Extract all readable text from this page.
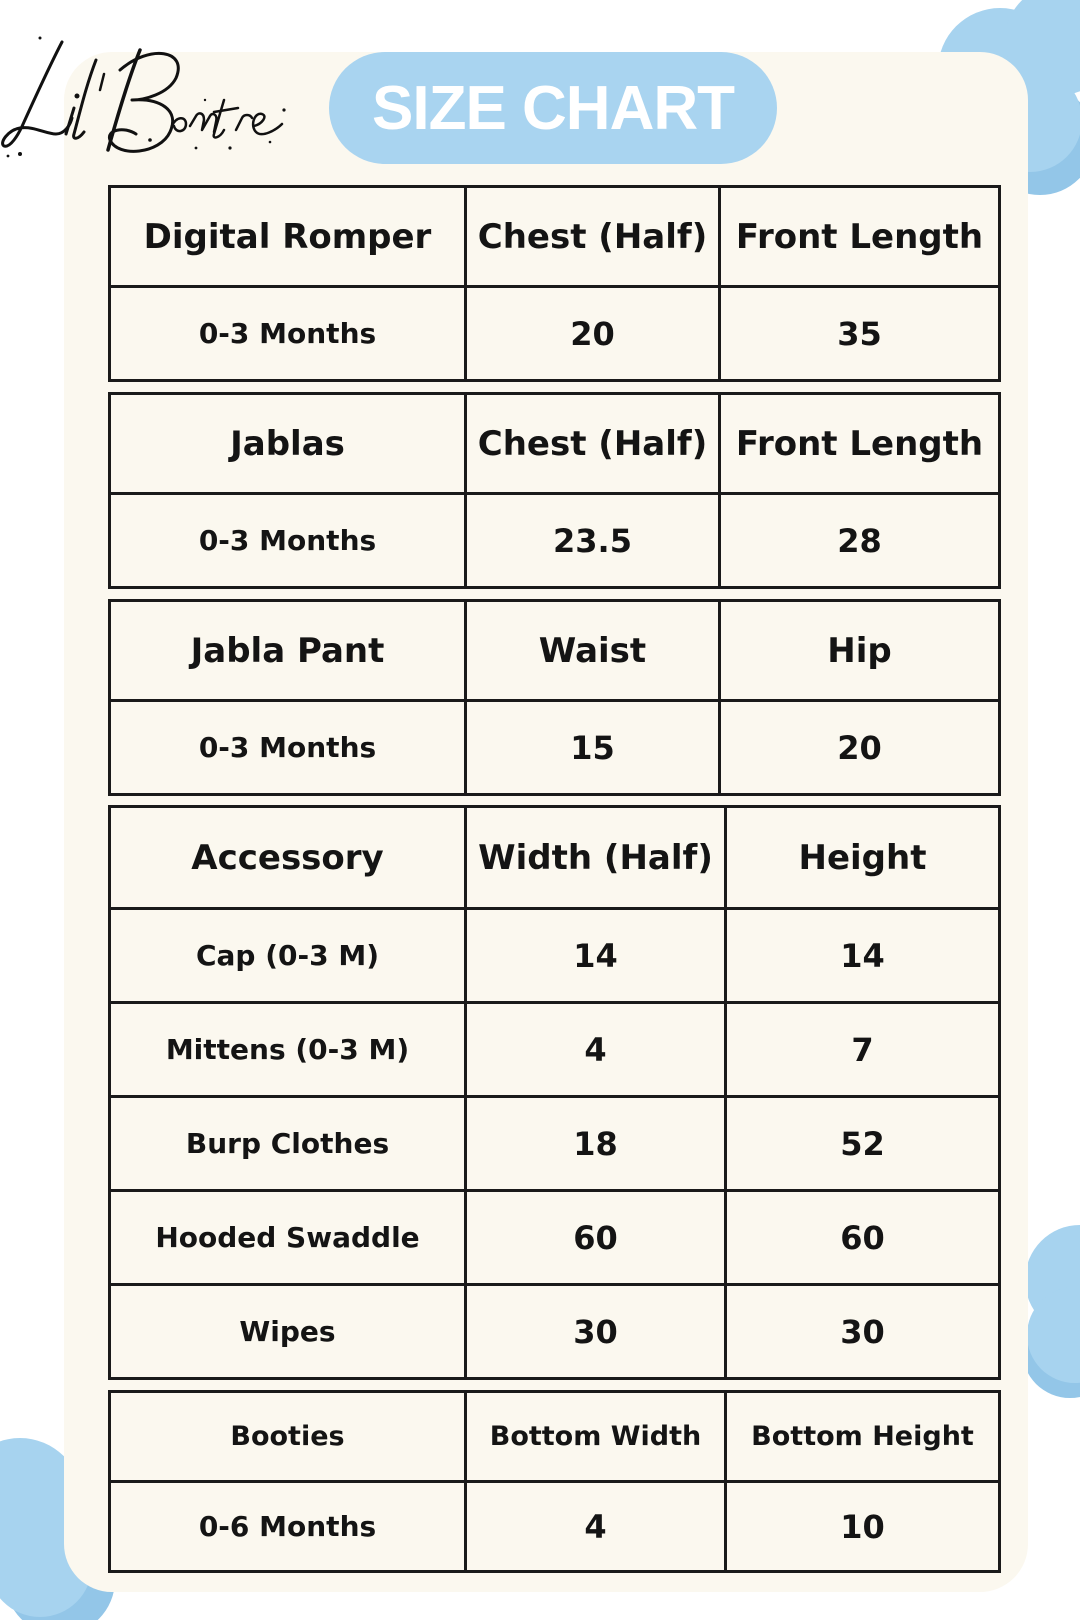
SIZE CHART
Digital Romper	Chest (Half)	Front Length
0-3 Months	20	35
Jablas	Chest (Half)	Front Length
0-3 Months	23.5	28
Jabla Pant	Waist	Hip
0-3 Months	15	20
Accessory	Width (Half)	Height
Cap (0-3 M)	14	14
Mittens (0-3 M)	4	7
Burp Clothes	18	52
Hooded Swaddle	60	60
Wipes	30	30
Booties	Bottom Width	Bottom Height
0-6 Months	4	10
